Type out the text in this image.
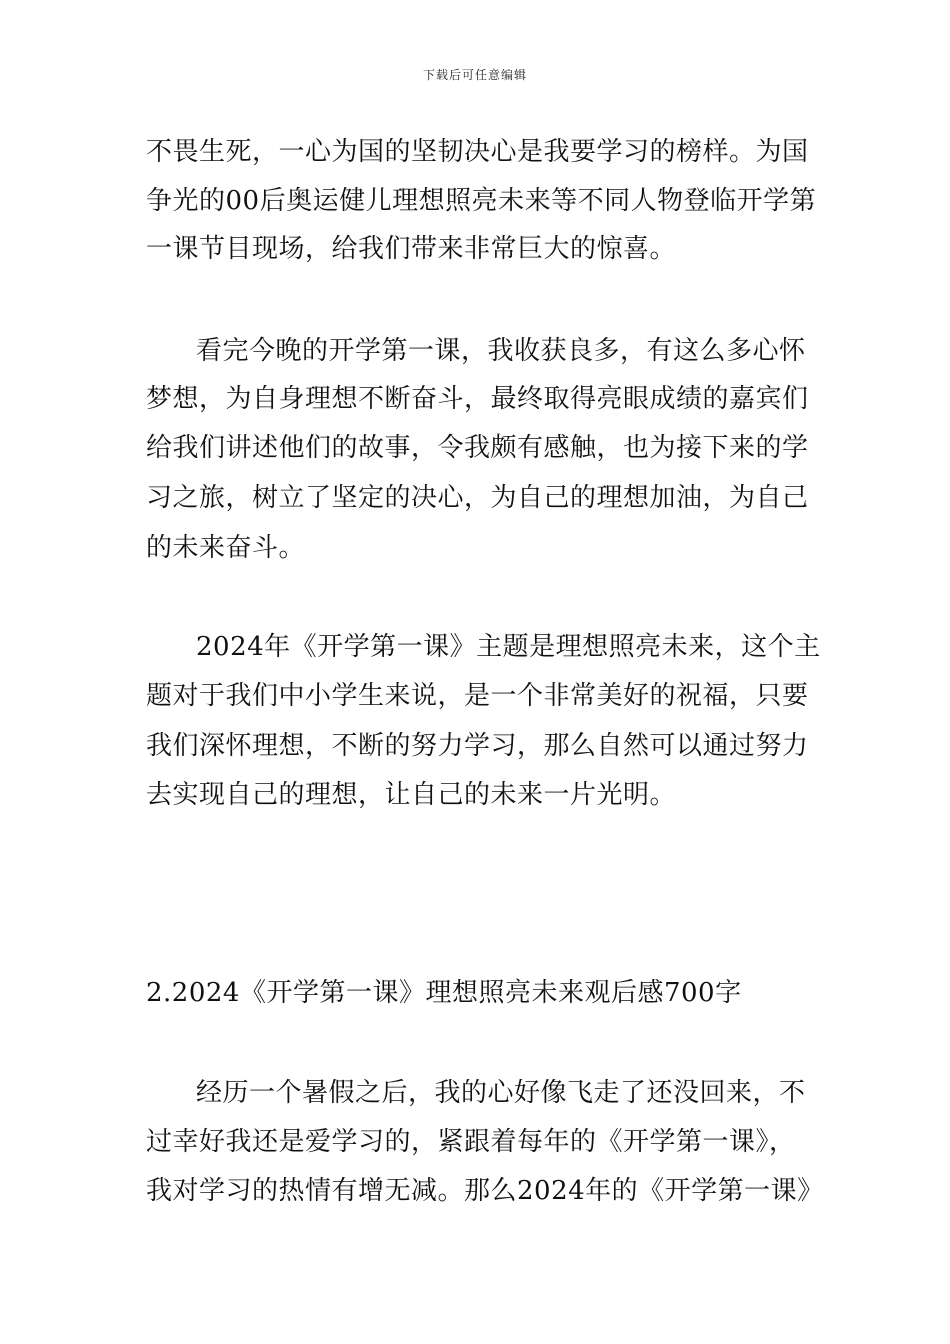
下载后可任意编辑
不畏生死，一心为国的坚韧决心是我要学习的榜样。为国
争光的00后奥运健儿理想照亮未来等不同人物登临开学第
一课节目现场，给我们带来非常巨大的惊喜。
看完今晚的开学第一课，我收获良多，有这么多心怀
梦想，为自身理想不断奋斗，最终取得亮眼成绩的嘉宾们
给我们讲述他们的故事，令我颇有感触，也为接下来的学
习之旅，树立了坚定的决心，为自己的理想加油，为自己
的未来奋斗。
2024年《开学第一课》主题是理想照亮未来，这个主
题对于我们中小学生来说，是一个非常美好的祝福，只要
我们深怀理想，不断的努力学习，那么自然可以通过努力
去实现自己的理想，让自己的未来一片光明。
2.2024《开学第一课》理想照亮未来观后感700字
经历一个暑假之后，我的心好像飞走了还没回来，不
过幸好我还是爱学习的，紧跟着每年的《开学第一课》，
我对学习的热情有增无减。那么2024年的《开学第一课》
